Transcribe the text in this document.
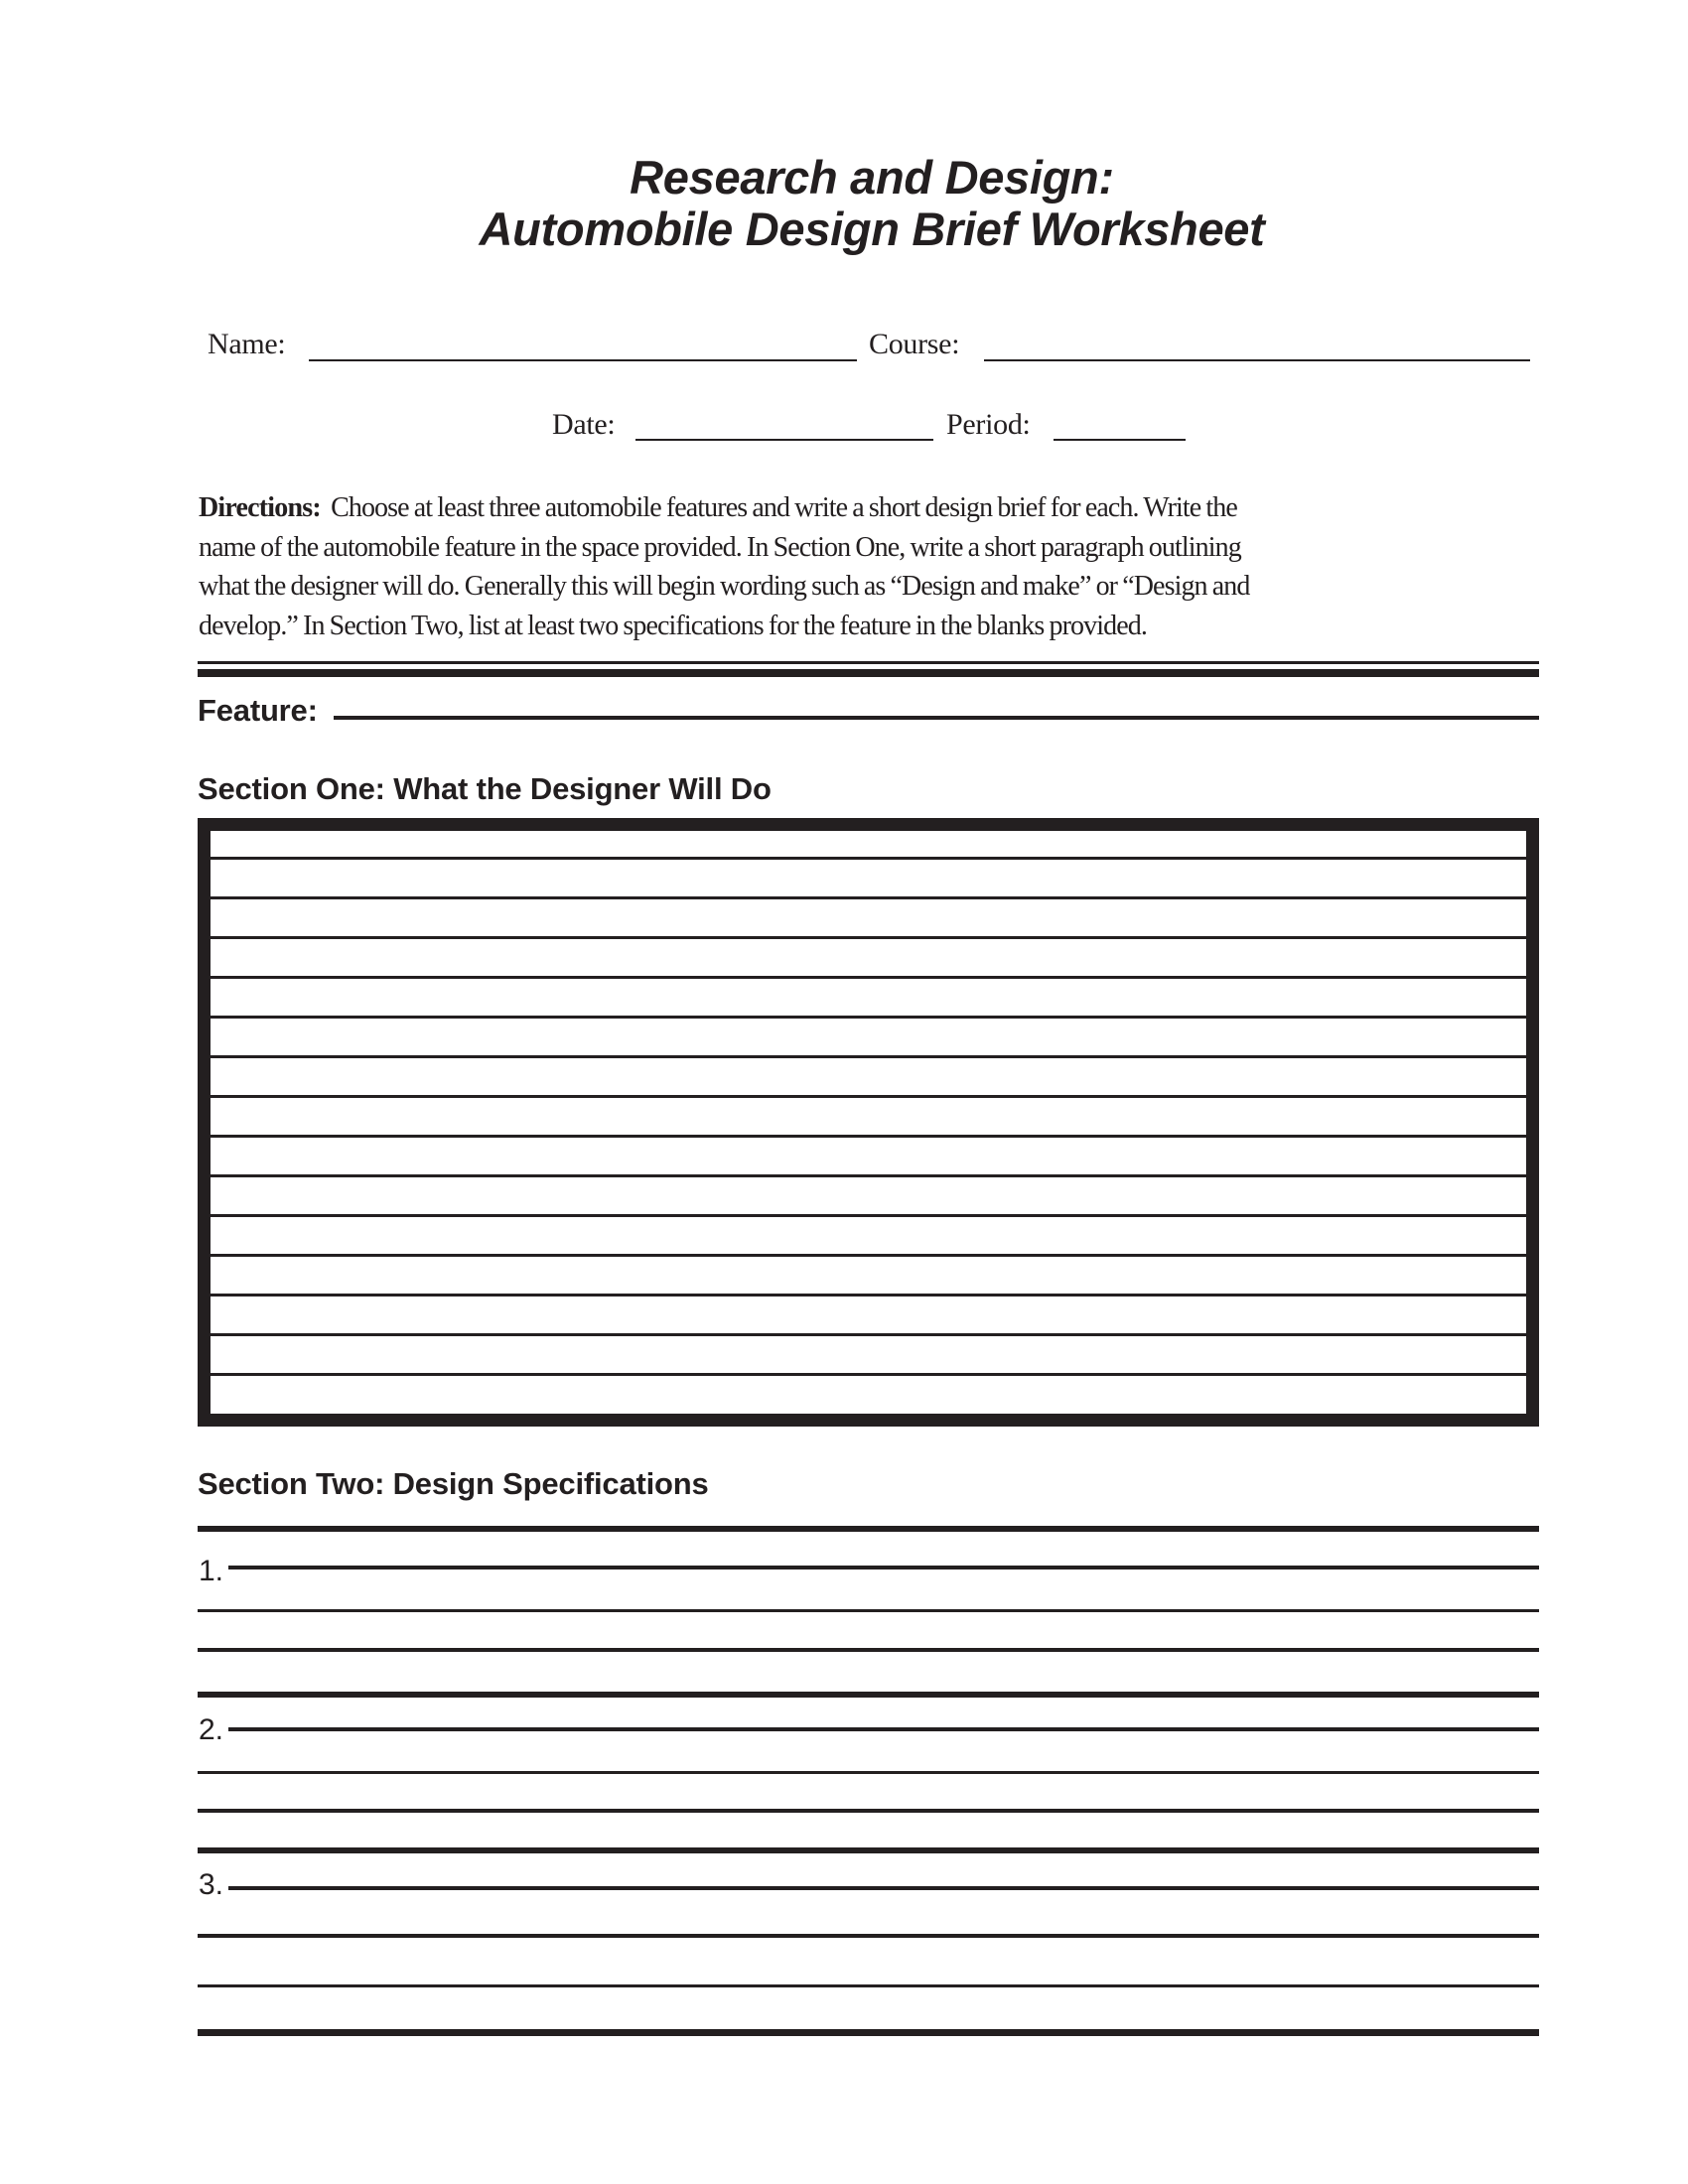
Research and Design:
Automobile Design Brief Worksheet
Name:	Course:
Date:	Period:
Directions: Choose at least three automobile features and write a short design brief for each. Write the
name of the automobile feature in the space provided. In Section One, write a short paragraph outlining
what the designer will do. Generally this will begin wording such as “Design and make” or “Design and
develop.” In Section Two, list at least two specifications for the feature in the blanks provided.
Feature:
Section One: What the Designer Will Do
Section Two: Design Specifications
1.
2.
3.
